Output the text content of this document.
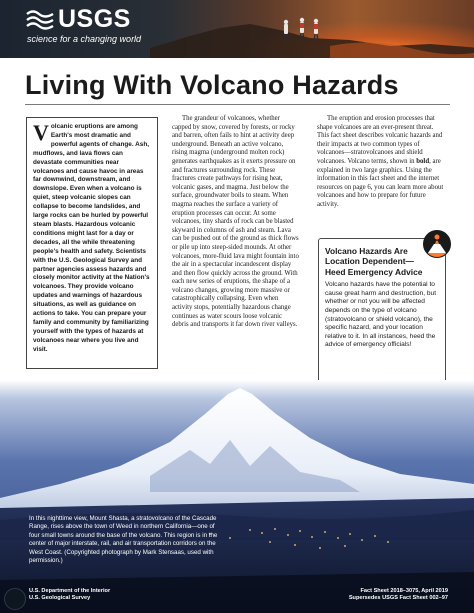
USGS
science for a changing world
Living With Volcano Hazards

Volcanic eruptions are among Earth's most dramatic and powerful agents of change. Ash, mudflows, and lava flows can devastate communities near volcanoes and cause havoc in areas far downwind, downstream, and downslope. Even when a volcano is quiet, steep volcanic slopes can collapse to become landslides, and large rocks can be hurled by powerful steam blasts. Hazardous volcanic conditions might last for a day or decades, all the while threatening people's health and safety. Scientists with the U.S. Geological Survey and partner agencies assess hazards and closely monitor activity at the Nation's volcanoes. They provide volcano updates and warnings of hazardous situations, as well as guidance on actions to take. You can prepare your family and community by familiarizing yourself with the types of hazards at volcanoes near where you live and visit.

The grandeur of volcanoes, whether capped by snow, covered by forests, or rocky and barren, often fails to hint at activity deep underground. Beneath an active volcano, rising magma (underground molten rock) generates earthquakes as it exerts pressure on and fractures surrounding rock. These fractures create pathways for rising heat, volcanic gases, and magma. Just below the surface, groundwater boils to steam. When magma reaches the surface a variety of eruption processes can occur. At some volcanoes, tiny shards of rock can be blasted skyward in columns of ash and steam. Lava can be pushed out of the ground as thick flows or pile up into steep-sided mounds. At other volcanoes, more-fluid lava might fountain into the air in a spectacular incandescent display and then flow quickly across the ground. With each new series of eruptions, the shape of a volcano changes, growing more massive or catastrophically collapsing. Even when activity stops, potentially hazardous change continues as water scours loose volcanic debris and transports it far down river valleys.

The eruption and erosion processes that shape volcanoes are an ever-present threat. This fact sheet describes volcanic hazards and their impacts at two common types of volcanoes—stratovolcanoes and shield volcanoes. Volcano terms, shown in bold, are explained in two large graphics. Using the information in this fact sheet and the internet resources on page 6, you can learn more about volcanoes and how to prepare for future activity.

Volcano Hazards Are Location Dependent—Heed Emergency Advice

Volcano hazards have the potential to cause great harm and destruction, but whether or not you will be affected depends on the type of volcano (stratovolcano or shield volcano), the specific hazard, and your location relative to it. In all instances, heed the advice of emergency officials!

In this nighttime view, Mount Shasta, a stratovolcano of the Cascade Range, rises above the town of Weed in northern California—one of four small towns around the base of the volcano. This region is in the center of major interstate, rail, and air transportation corridors on the West Coast. (Copyrighted photograph by Mark Stensaas, used with permission.)

U.S. Department of the Interior
U.S. Geological Survey
Fact Sheet 2018–3075, April 2019
Supersedes USGS Fact Sheet 002–97
